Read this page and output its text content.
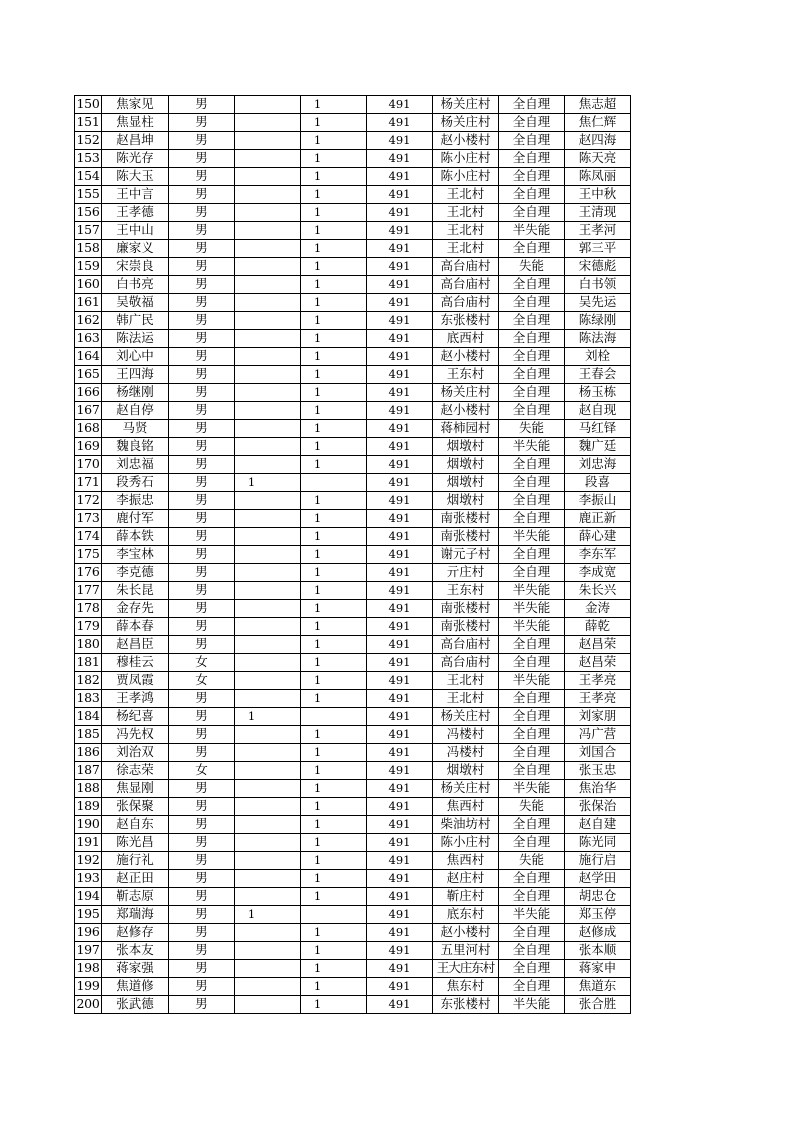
150	焦家见	男		1	491	杨关庄村	全自理	焦志超
151	焦显柱	男		1	491	杨关庄村	全自理	焦仁辉
152	赵昌坤	男		1	491	赵小楼村	全自理	赵四海
153	陈光存	男		1	491	陈小庄村	全自理	陈天亮
154	陈大玉	男		1	491	陈小庄村	全自理	陈凤丽
155	王中言	男		1	491	王北村	全自理	王中秋
156	王孝德	男		1	491	王北村	全自理	王清现
157	王中山	男		1	491	王北村	半失能	王孝河
158	廉家义	男		1	491	王北村	全自理	郭三平
159	宋崇良	男		1	491	高台庙村	失能	宋德彪
160	白书亮	男		1	491	高台庙村	全自理	白书领
161	吴敬福	男		1	491	高台庙村	全自理	吴先运
162	韩广民	男		1	491	东张楼村	全自理	陈绿刚
163	陈法运	男		1	491	底西村	全自理	陈法海
164	刘心中	男		1	491	赵小楼村	全自理	刘栓
165	王四海	男		1	491	王东村	全自理	王春会
166	杨继刚	男		1	491	杨关庄村	全自理	杨玉栋
167	赵自停	男		1	491	赵小楼村	全自理	赵自现
168	马贤	男		1	491	蒋柿园村	失能	马红铎
169	魏良铭	男		1	491	烟墩村	半失能	魏广廷
170	刘忠福	男		1	491	烟墩村	全自理	刘忠海
171	段秀石	男	1		491	烟墩村	全自理	段喜
172	李振忠	男		1	491	烟墩村	全自理	李振山
173	鹿付军	男		1	491	南张楼村	全自理	鹿正新
174	薛本铁	男		1	491	南张楼村	半失能	薛心建
175	李宝林	男		1	491	谢元子村	全自理	李东军
176	李克德	男		1	491	亓庄村	全自理	李成宽
177	朱长昆	男		1	491	王东村	半失能	朱长兴
178	金存先	男		1	491	南张楼村	半失能	金涛
179	薛本春	男		1	491	南张楼村	半失能	薛乾
180	赵昌臣	男		1	491	高台庙村	全自理	赵昌荣
181	穆桂云	女		1	491	高台庙村	全自理	赵昌荣
182	贾凤霞	女		1	491	王北村	半失能	王孝亮
183	王孝鸿	男		1	491	王北村	全自理	王孝亮
184	杨纪喜	男	1		491	杨关庄村	全自理	刘家朋
185	冯先权	男		1	491	冯楼村	全自理	冯广营
186	刘治双	男		1	491	冯楼村	全自理	刘国合
187	徐志荣	女		1	491	烟墩村	全自理	张玉忠
188	焦显刚	男		1	491	杨关庄村	半失能	焦治华
189	张保聚	男		1	491	焦西村	失能	张保治
190	赵自东	男		1	491	柴油坊村	全自理	赵自建
191	陈光昌	男		1	491	陈小庄村	全自理	陈光同
192	施行礼	男		1	491	焦西村	失能	施行启
193	赵正田	男		1	491	赵庄村	全自理	赵学田
194	靳志原	男		1	491	靳庄村	全自理	胡忠仓
195	郑瑞海	男	1		491	底东村	半失能	郑玉停
196	赵修存	男		1	491	赵小楼村	全自理	赵修成
197	张本友	男		1	491	五里河村	全自理	张本顺
198	蒋家强	男		1	491	王大庄东村	全自理	蒋家申
199	焦道修	男		1	491	焦东村	全自理	焦道东
200	张武德	男		1	491	东张楼村	半失能	张合胜
